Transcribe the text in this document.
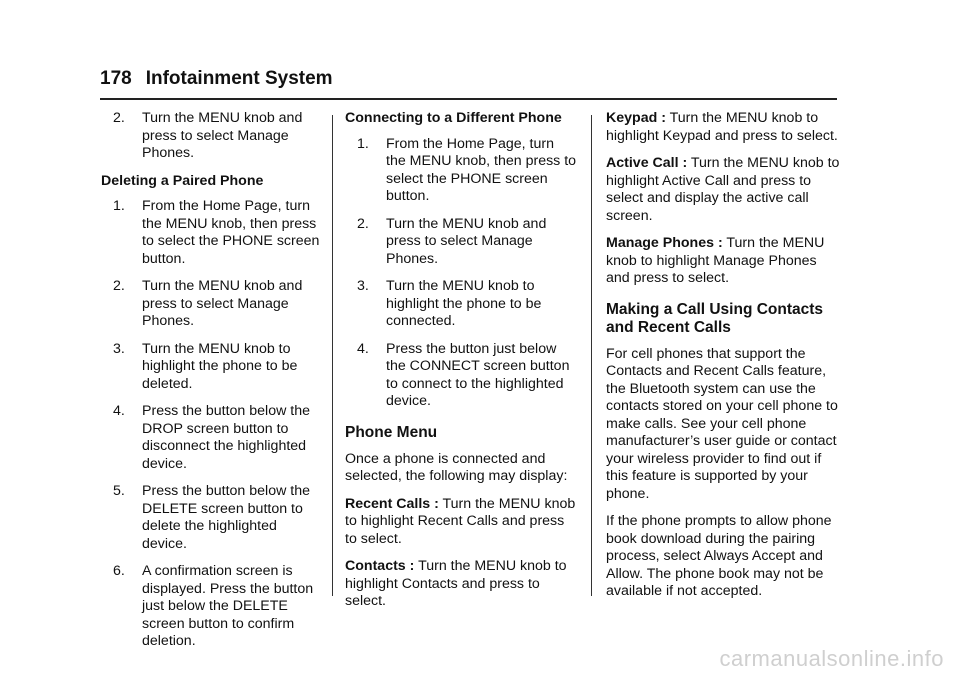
178 Infotainment System
2. Turn the MENU knob and press to select Manage Phones.
Deleting a Paired Phone
1. From the Home Page, turn the MENU knob, then press to select the PHONE screen button.
2. Turn the MENU knob and press to select Manage Phones.
3. Turn the MENU knob to highlight the phone to be deleted.
4. Press the button below the DROP screen button to disconnect the highlighted device.
5. Press the button below the DELETE screen button to delete the highlighted device.
6. A confirmation screen is displayed. Press the button just below the DELETE screen button to confirm deletion.
Connecting to a Different Phone
1. From the Home Page, turn the MENU knob, then press to select the PHONE screen button.
2. Turn the MENU knob and press to select Manage Phones.
3. Turn the MENU knob to highlight the phone to be connected.
4. Press the button just below the CONNECT screen button to connect to the highlighted device.
Phone Menu

Once a phone is connected and selected, the following may display:

Recent Calls : Turn the MENU knob to highlight Recent Calls and press to select.

Contacts : Turn the MENU knob to highlight Contacts and press to select.

Keypad : Turn the MENU knob to highlight Keypad and press to select.

Active Call : Turn the MENU knob to highlight Active Call and press to select and display the active call screen.

Manage Phones : Turn the MENU knob to highlight Manage Phones and press to select.

Making a Call Using Contacts and Recent Calls

For cell phones that support the Contacts and Recent Calls feature, the Bluetooth system can use the contacts stored on your cell phone to make calls. See your cell phone manufacturer’s user guide or contact your wireless provider to find out if this feature is supported by your phone.

If the phone prompts to allow phone book download during the pairing process, select Always Accept and Allow. The phone book may not be available if not accepted.

carmanualsonline.info
